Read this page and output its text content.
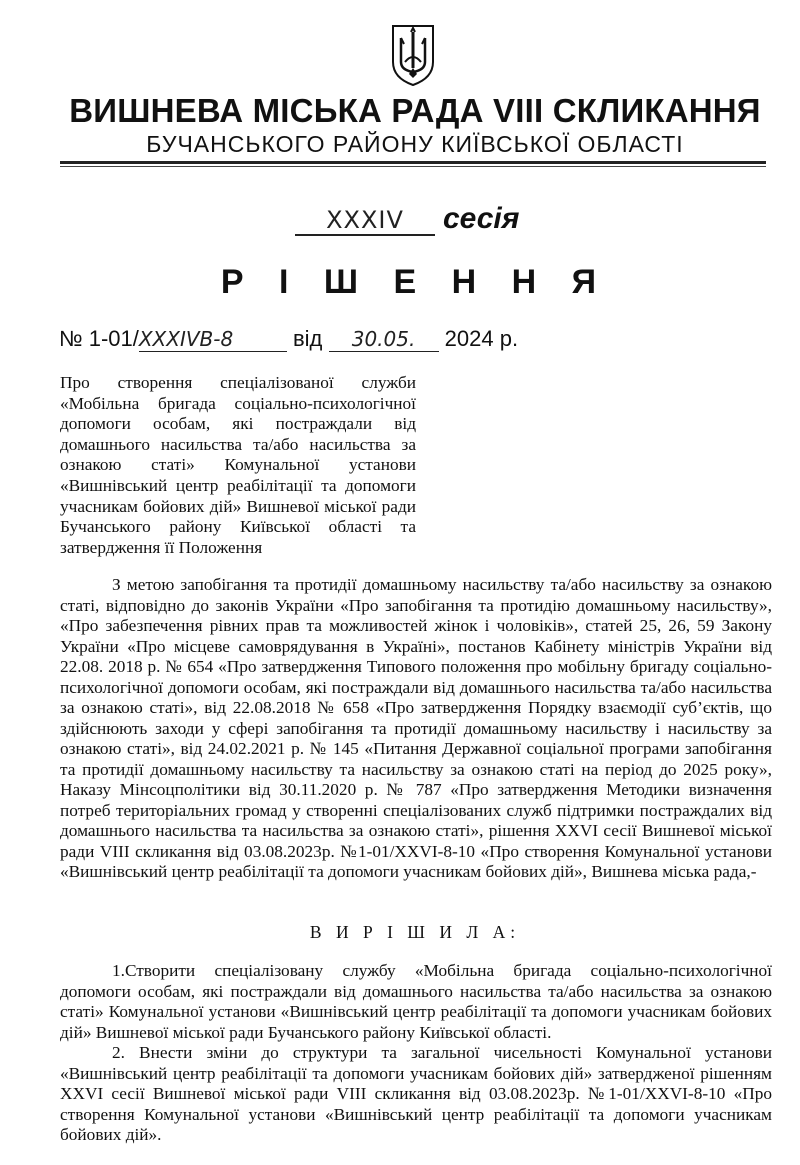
ВИШНЕВА МІСЬКА РАДА VIII СКЛИКАННЯ
БУЧАНСЬКОГО РАЙОНУ КИЇВСЬКОЇ ОБЛАСТІ
XXXIV сесія
Р І Ш Е Н Н Я
№ 1-01/XXXIVВ-8	від 30.05. 2024 р.
Про створення спеціалізованої служби «Мобільна бригада соціально-психологічної допомоги особам, які постраждали від домашнього насильства та/або насильства за ознакою статі» Комунальної установи «Вишнівський центр реабілітації та допомоги учасникам бойових дій» Вишневої міської ради Бучанського району Київської області та затвердження її Положення
З метою запобігання та протидії домашньому насильству та/або насильству за ознакою статі, відповідно до законів України «Про запобігання та протидію домашньому насильству», «Про забезпечення рівних прав та можливостей жінок і чоловіків», статей 25, 26, 59 Закону України «Про місцеве самоврядування в Україні», постанов Кабінету міністрів України від 22.08. 2018 р. № 654 «Про затвердження Типового положення про мобільну бригаду соціально-психологічної допомоги особам, які постраждали від домашнього насильства та/або насильства за ознакою статі», від 22.08.2018 № 658 «Про затвердження Порядку взаємодії суб’єктів, що здійснюють заходи у сфері запобігання та протидії домашньому насильству і насильству за ознакою статі», від 24.02.2021 р. № 145 «Питання Державної соціальної програми запобігання та протидії домашньому насильству та насильству за ознакою статі на період до 2025 року», Наказу Мінсоцполітики від 30.11.2020 р. № 787 «Про затвердження Методики визначення потреб територіальних громад у створенні спеціалізованих служб підтримки постраждалих від домашнього насильства та насильства за ознакою статі», рішення XXVI сесії Вишневої міської ради VIII скликання від 03.08.2023р. №1-01/XXVI-8-10 «Про створення Комунальної установи «Вишнівський центр реабілітації та допомоги учасникам бойових дій», Вишнева міська рада,-
В И Р І Ш И Л А:

1.Створити спеціалізовану службу «Мобільна бригада соціально-психологічної допомоги особам, які постраждали від домашнього насильства та/або насильства за ознакою статі» Комунальної установи «Вишнівський центр реабілітації та допомоги учасникам бойових дій» Вишневої міської ради Бучанського району Київської області.

2. Внести зміни до структури та загальної чисельності Комунальної установи «Вишнівський центр реабілітації та допомоги учасникам бойових дій» затвердженої рішенням XXVI сесії Вишневої міської ради VIII скликання від 03.08.2023р. №1-01/XXVI-8-10 «Про створення Комунальної установи «Вишнівський центр реабілітації та допомоги учасникам бойових дій».
